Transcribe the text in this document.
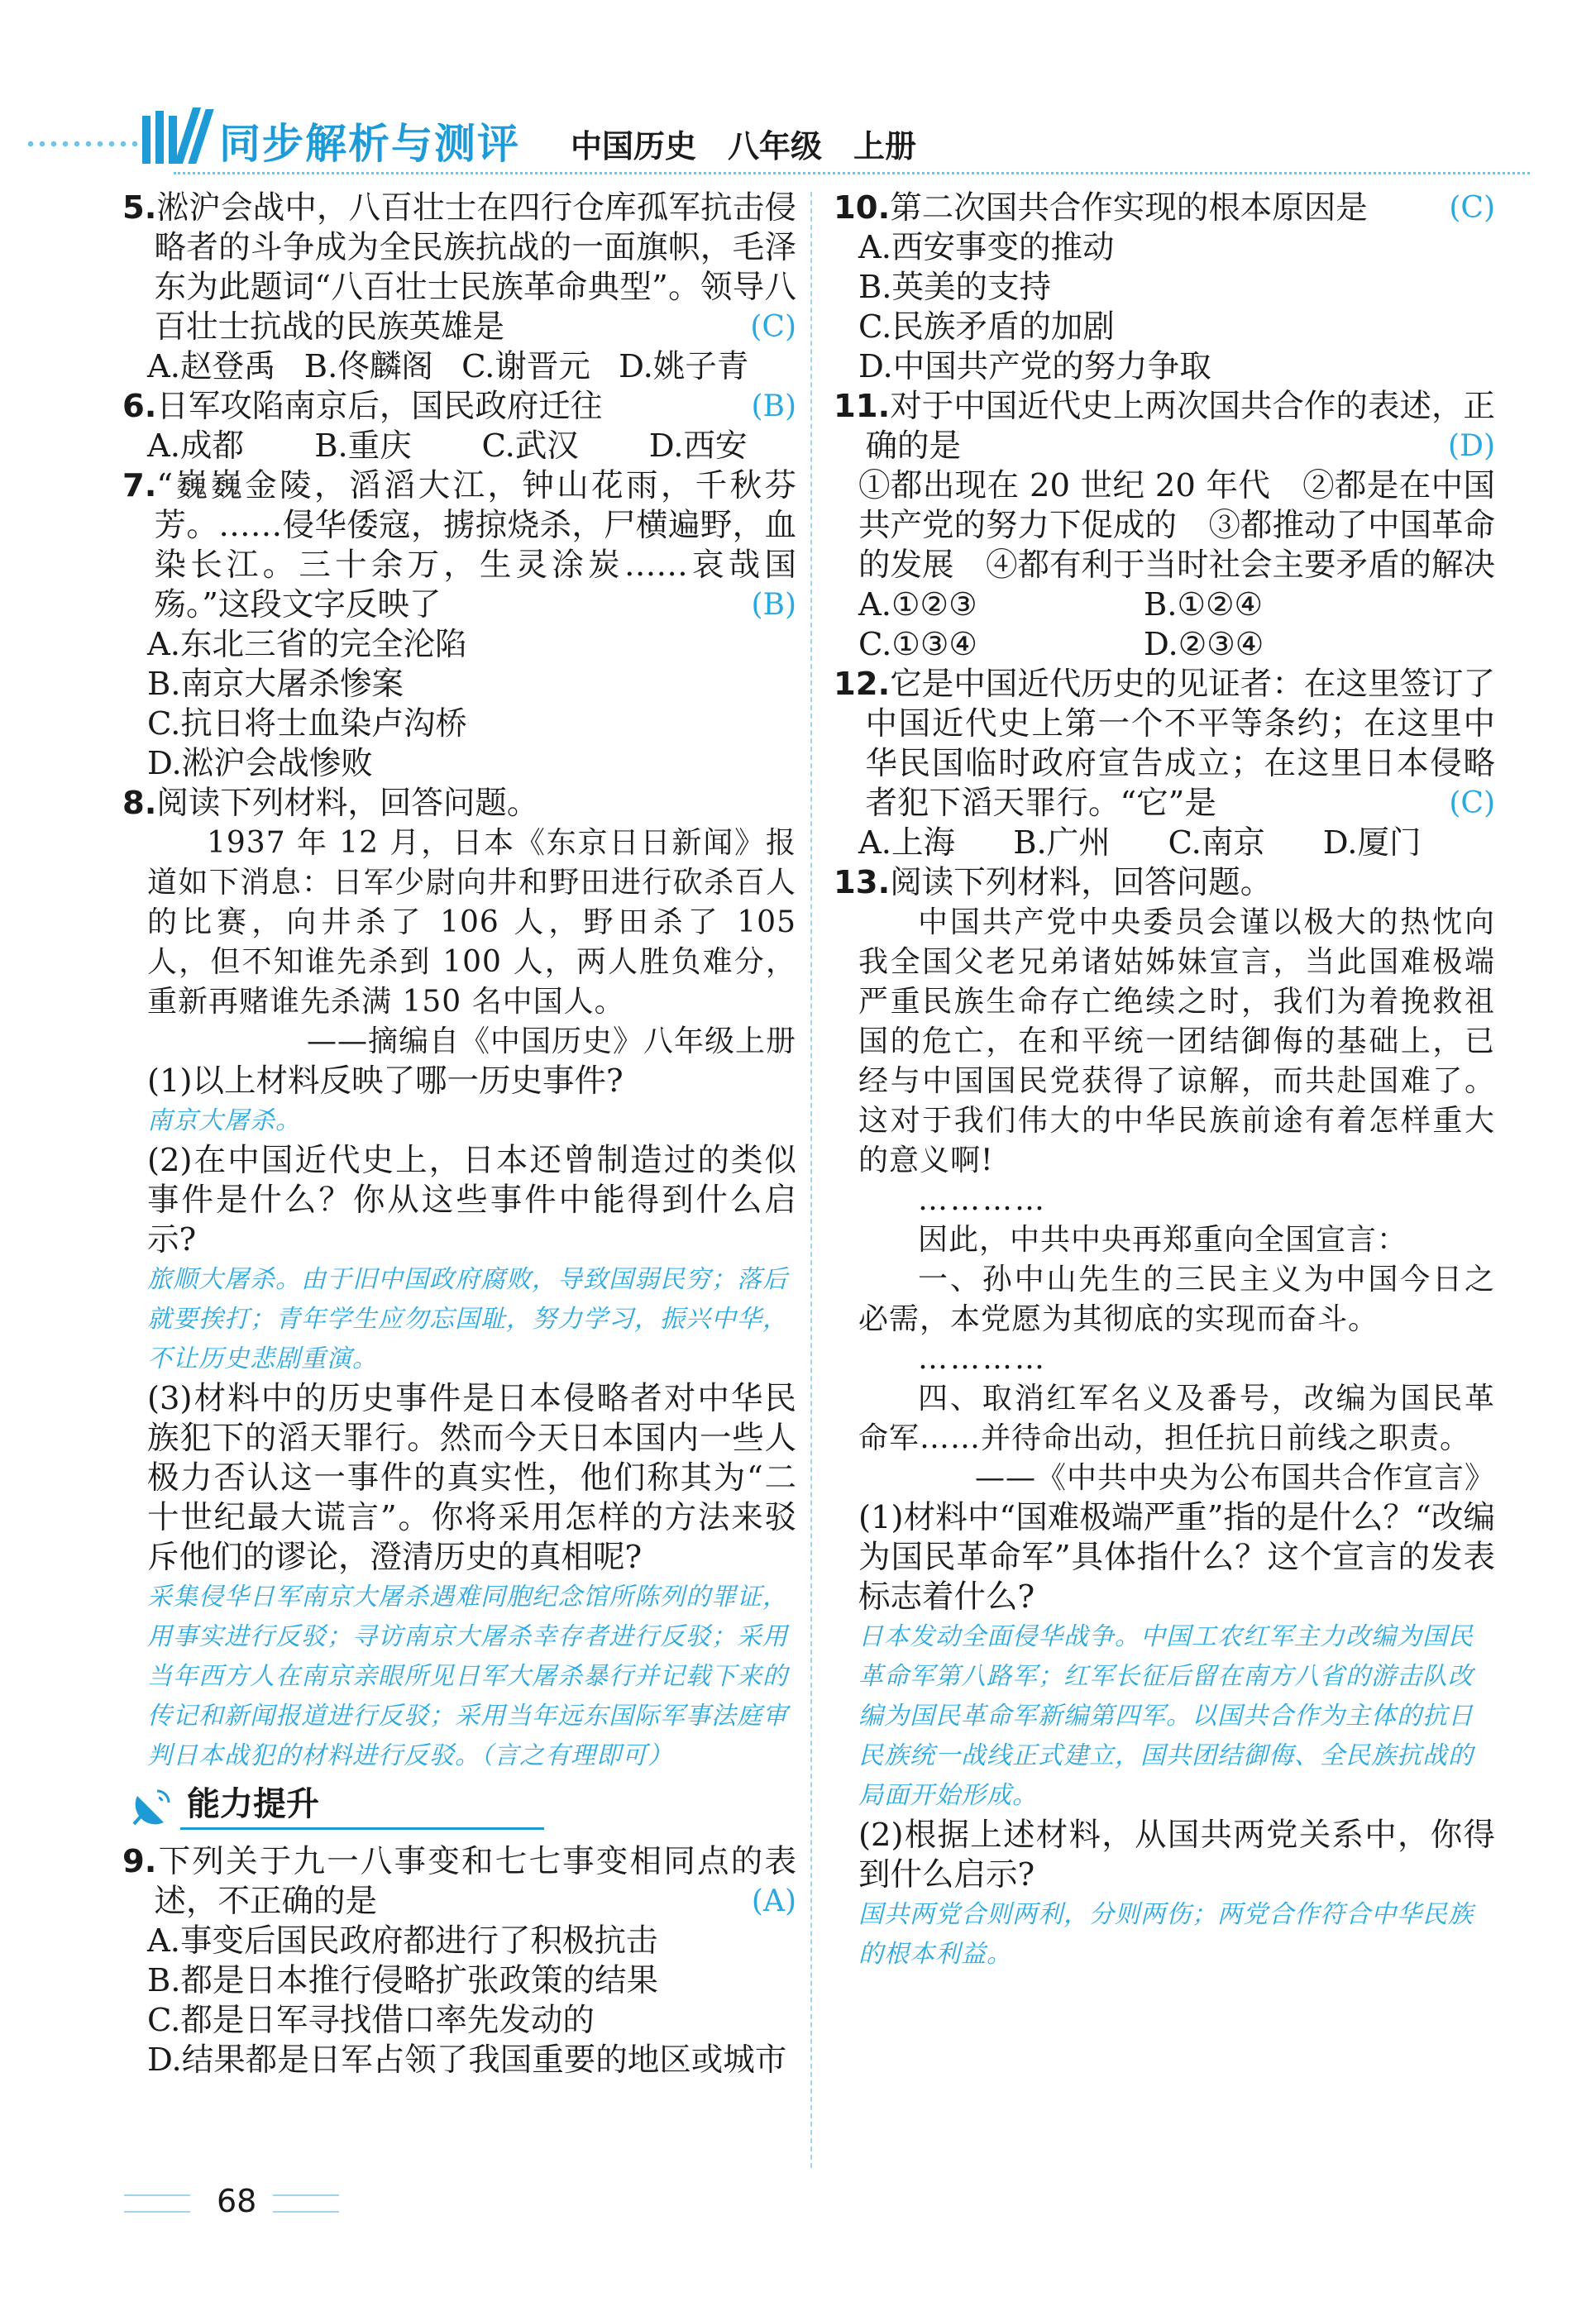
同步解析与测评 中国历史　八年级　上册

5.淞沪会战中，八百壮士在四行仓库孤军抗击侵略者的斗争成为全民族抗战的一面旗帜，毛泽东为此题词“八百壮士民族革命典型”。领导八百壮士抗战的民族英雄是	(C)

A.赵登禹 B.佟麟阁 C.谢晋元 D.姚子青

6.日军攻陷南京后，国民政府迁往	(B)

A.成都 B.重庆 C.武汉 D.西安

7.“巍巍金陵，滔滔大江，钟山花雨，千秋芬芳。……侵华倭寇，掳掠烧杀，尸横遍野，血染长江。三十余万，生灵涂炭……哀哉国殇。”这段文字反映了	(B)

A.东北三省的完全沦陷

B.南京大屠杀惨案

C.抗日将士血染卢沟桥

D.淞沪会战惨败

8.阅读下列材料，回答问题。

1937 年 12 月，日本《东京日日新闻》报道如下消息：日军少尉向井和野田进行砍杀百人的比赛，向井杀了 106 人，野田杀了 105 人，但不知谁先杀到 100 人，两人胜负难分，重新再赌谁先杀满 150 名中国人。

——摘编自《中国历史》八年级上册

(1)以上材料反映了哪一历史事件?

南京大屠杀。

(2)在中国近代史上，日本还曾制造过的类似事件是什么？你从这些事件中能得到什么启示?

旅顺大屠杀。由于旧中国政府腐败，导致国弱民穷；落后就要挨打；青年学生应勿忘国耻，努力学习，振兴中华，不让历史悲剧重演。

(3)材料中的历史事件是日本侵略者对中华民族犯下的滔天罪行。然而今天日本国内一些人极力否认这一事件的真实性，他们称其为“二十世纪最大谎言”。你将采用怎样的方法来驳斥他们的谬论，澄清历史的真相呢?

采集侵华日军南京大屠杀遇难同胞纪念馆所陈列的罪证，用事实进行反驳；寻访南京大屠杀幸存者进行反驳；采用当年西方人在南京亲眼所见日军大屠杀暴行并记载下来的传记和新闻报道进行反驳；采用当年远东国际军事法庭审判日本战犯的材料进行反驳。（言之有理即可）
能力提升

9.下列关于九一八事变和七七事变相同点的表述，不正确的是	(A)

A.事变后国民政府都进行了积极抗击

B.都是日本推行侵略扩张政策的结果

C.都是日军寻找借口率先发动的

D.结果都是日军占领了我国重要的地区或城市

10.第二次国共合作实现的根本原因是	(C)

A.西安事变的推动

B.英美的支持

C.民族矛盾的加剧

D.中国共产党的努力争取

11.对于中国近代史上两次国共合作的表述，正确的是	(D)

①都出现在 20 世纪 20 年代　②都是在中国共产党的努力下促成的　③都推动了中国革命的发展　④都有利于当时社会主要矛盾的解决

A.①②③	B.①②④
C.①③④	D.②③④

12.它是中国近代历史的见证者：在这里签订了中国近代史上第一个不平等条约；在这里中华民国临时政府宣告成立；在这里日本侵略者犯下滔天罪行。“它”是	(C)

A.上海 B.广州 C.南京 D.厦门

13.阅读下列材料，回答问题。

中国共产党中央委员会谨以极大的热忱向我全国父老兄弟诸姑姊妹宣言，当此国难极端严重民族生命存亡绝续之时，我们为着挽救祖国的危亡，在和平统一团结御侮的基础上，已经与中国国民党获得了谅解，而共赴国难了。这对于我们伟大的中华民族前途有着怎样重大的意义啊!

…………

因此，中共中央再郑重向全国宣言：

一、孙中山先生的三民主义为中国今日之必需，本党愿为其彻底的实现而奋斗。

…………

四、取消红军名义及番号，改编为国民革命军……并待命出动，担任抗日前线之职责。

——《中共中央为公布国共合作宣言》

(1)材料中“国难极端严重”指的是什么？“改编为国民革命军”具体指什么？这个宣言的发表标志着什么?

日本发动全面侵华战争。中国工农红军主力改编为国民革命军第八路军；红军长征后留在南方八省的游击队改编为国民革命军新编第四军。以国共合作为主体的抗日民族统一战线正式建立，国共团结御侮、全民族抗战的局面开始形成。

(2)根据上述材料，从国共两党关系中，你得到什么启示?

国共两党合则两利，分则两伤；两党合作符合中华民族的根本利益。
68
